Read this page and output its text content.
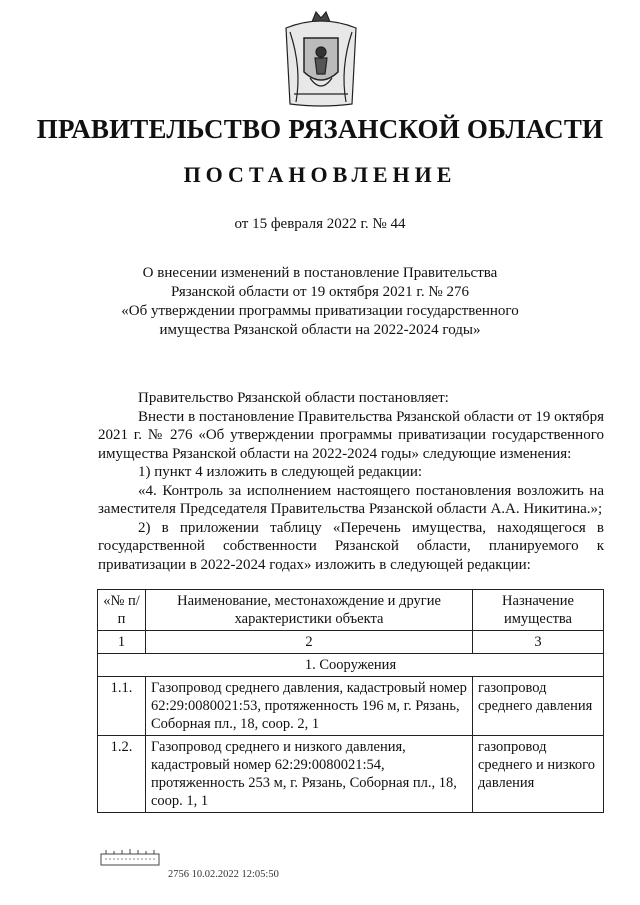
ПРАВИТЕЛЬСТВО РЯЗАНСКОЙ ОБЛАСТИ
ПОСТАНОВЛЕНИЕ
от 15 февраля 2022 г. № 44
О внесении изменений в постановление Правительства
Рязанской области от 19 октября 2021 г. № 276
«Об утверждении программы приватизации государственного
имущества Рязанской области на 2022-2024 годы»

Правительство Рязанской области постановляет:

Внести в постановление Правительства Рязанской области от 19 октября 2021 г. № 276 «Об утверждении программы приватизации государственного имущества Рязанской области на 2022-2024 годы» следующие изменения:

1) пункт 4 изложить в следующей редакции:

«4. Контроль за исполнением настоящего постановления возложить на заместителя Председателя Правительства Рязанской области А.А. Никитина.»;

2) в приложении таблицу «Перечень имущества, находящегося в государственной собственности Рязанской области, планируемого к приватизации в 2022-2024 годах» изложить в следующей редакции:

«№ п/п	Наименование, местонахождение и другие характеристики объекта	Назначение имущества
1	2	3
1. Сооружения		
1.1.	Газопровод среднего давления, кадастровый номер 62:29:0080021:53, протяженность 196 м, г. Рязань, Соборная пл., 18, соор. 2, 1	газопровод среднего давления
1.2.	Газопровод среднего и низкого давления, кадастровый номер 62:29:0080021:54, протяженность 253 м, г. Рязань, Соборная пл., 18, соор. 1, 1	газопровод среднего и низкого давления
2756 10.02.2022 12:05:50
